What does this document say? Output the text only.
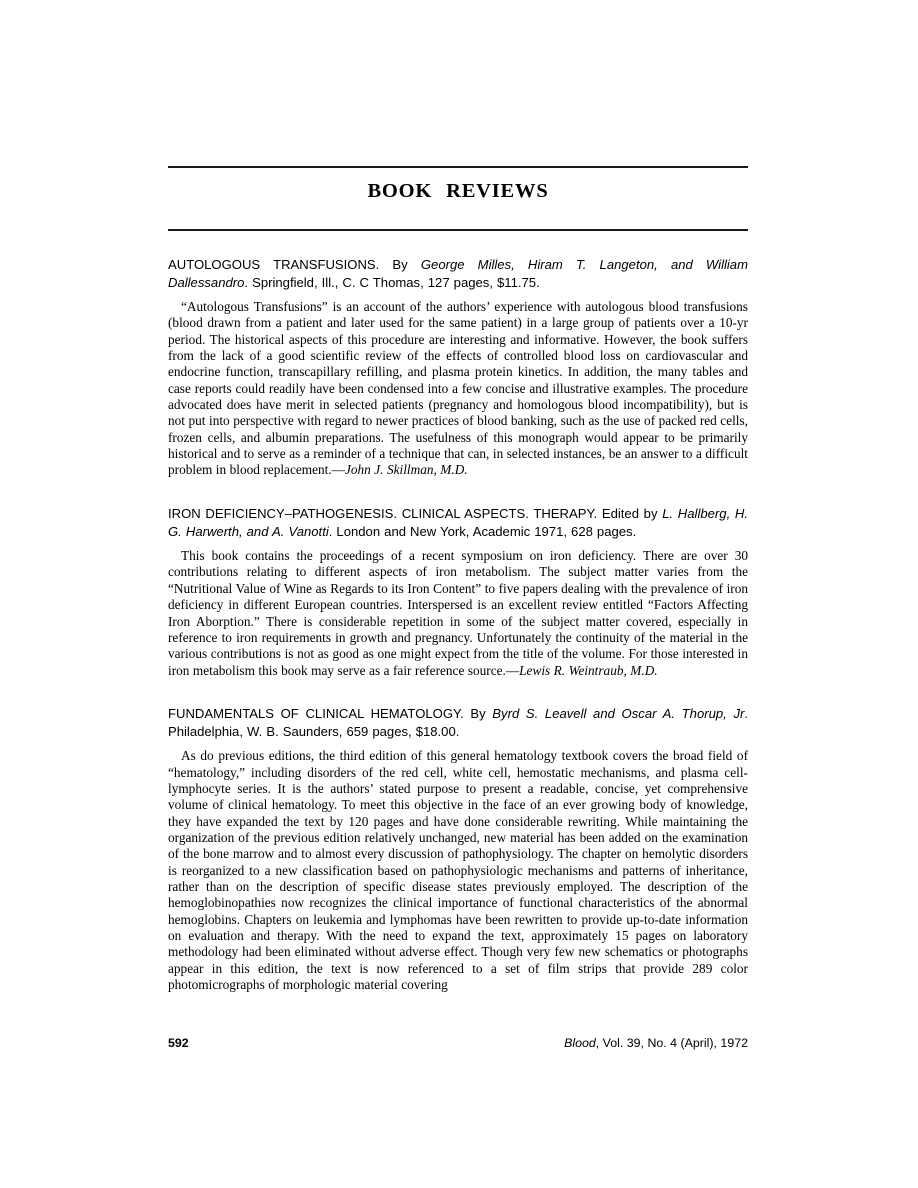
BOOK REVIEWS

AUTOLOGOUS TRANSFUSIONS. By George Milles, Hiram T. Langeton, and William Dallessandro. Springfield, Ill., C. C Thomas, 127 pages, $11.75.

“Autologous Transfusions” is an account of the authors’ experience with autologous blood transfusions (blood drawn from a patient and later used for the same patient) in a large group of patients over a 10-yr period. The historical aspects of this procedure are interesting and informative. However, the book suffers from the lack of a good scientific review of the effects of controlled blood loss on cardiovascular and endocrine function, transcapillary refilling, and plasma protein kinetics. In addition, the many tables and case reports could readily have been condensed into a few concise and illustrative examples. The procedure advocated does have merit in selected patients (pregnancy and homologous blood incompatibility), but is not put into perspective with regard to newer practices of blood banking, such as the use of packed red cells, frozen cells, and albumin preparations. The usefulness of this monograph would appear to be primarily historical and to serve as a reminder of a technique that can, in selected instances, be an answer to a difficult problem in blood replacement.—John J. Skillman, M.D.

IRON DEFICIENCY–PATHOGENESIS. CLINICAL ASPECTS. THERAPY. Edited by L. Hallberg, H. G. Harwerth, and A. Vanotti. London and New York, Academic 1971, 628 pages.

This book contains the proceedings of a recent symposium on iron deficiency. There are over 30 contributions relating to different aspects of iron metabolism. The subject matter varies from the “Nutritional Value of Wine as Regards to its Iron Content” to five papers dealing with the prevalence of iron deficiency in different European countries. Interspersed is an excellent review entitled “Factors Affecting Iron Aborption.” There is considerable repetition in some of the subject matter covered, especially in reference to iron requirements in growth and pregnancy. Unfortunately the continuity of the material in the various contributions is not as good as one might expect from the title of the volume. For those interested in iron metabolism this book may serve as a fair reference source.—Lewis R. Weintraub, M.D.

FUNDAMENTALS OF CLINICAL HEMATOLOGY. By Byrd S. Leavell and Oscar A. Thorup, Jr. Philadelphia, W. B. Saunders, 659 pages, $18.00.

As do previous editions, the third edition of this general hematology textbook covers the broad field of “hematology,” including disorders of the red cell, white cell, hemostatic mechanisms, and plasma cell-lymphocyte series. It is the authors’ stated purpose to present a readable, concise, yet comprehensive volume of clinical hematology. To meet this objective in the face of an ever growing body of knowledge, they have expanded the text by 120 pages and have done considerable rewriting. While maintaining the organization of the previous edition relatively unchanged, new material has been added on the examination of the bone marrow and to almost every discussion of pathophysiology. The chapter on hemolytic disorders is reorganized to a new classification based on pathophysiologic mechanisms and patterns of inheritance, rather than on the description of specific disease states previously employed. The description of the hemoglobinopathies now recognizes the clinical importance of functional characteristics of the abnormal hemoglobins. Chapters on leukemia and lymphomas have been rewritten to provide up-to-date information on evaluation and therapy. With the need to expand the text, approximately 15 pages on laboratory methodology had been eliminated without adverse effect. Though very few new schematics or photographs appear in this edition, the text is now referenced to a set of film strips that provide 289 color photomicrographs of morphologic material covering

592	Blood, Vol. 39, No. 4 (April), 1972
